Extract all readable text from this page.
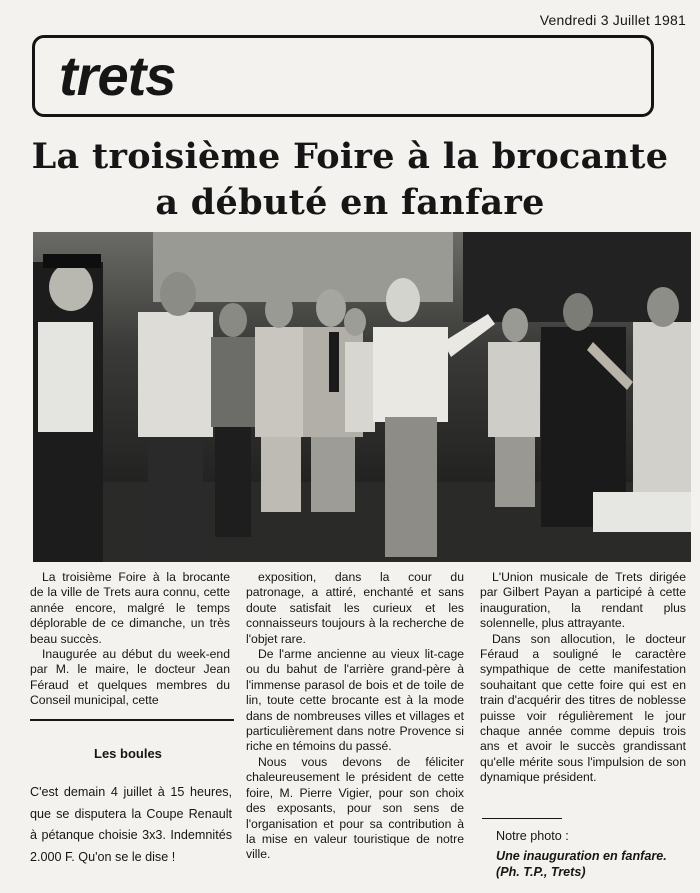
Vendredi 3 Juillet 1981
trets
La troisième Foire à la brocante
a débuté en fanfare

La troisième Foire à la brocante de la ville de Trets aura connu, cette année encore, malgré le temps déplorable de ce dimanche, un très beau succès.

Inaugurée au début du week-end par M. le maire, le docteur Jean Féraud et quelques membres du Conseil municipal, cette

exposition, dans la cour du patronage, a attiré, enchanté et sans doute satisfait les curieux et les connaisseurs toujours à la recherche de l'objet rare.

De l'arme ancienne au vieux lit-cage ou du bahut de l'arrière grand-père à l'immense parasol de bois et de toile de lin, toute cette brocante est à la mode dans de nombreuses villes et villages et particulièrement dans notre Provence si riche en témoins du passé.

Nous vous devons de féliciter chaleureusement le président de cette foire, M. Pierre Vigier, pour son choix des exposants, pour son sens de l'organisation et pour sa contribution à la mise en valeur touristique de notre ville.

L'Union musicale de Trets dirigée par Gilbert Payan a participé à cette inauguration, la rendant plus solennelle, plus attrayante.

Dans son allocution, le docteur Féraud a souligné le caractère sympathique de cette manifestation souhaitant que cette foire qui est en train d'acquérir des titres de noblesse puisse voir régulièrement le jour chaque année comme depuis trois ans et avoir le succès grandissant qu'elle mérite sous l'impulsion de son dynamique président.

Les boules

C'est demain 4 juillet à 15 heures, que se disputera la Coupe Renault à pétanque choisie 3x3. Indemnités 2.000 F. Qu'on se le dise !

Notre photo :
Une inauguration en fanfare. (Ph. T.P., Trets)
